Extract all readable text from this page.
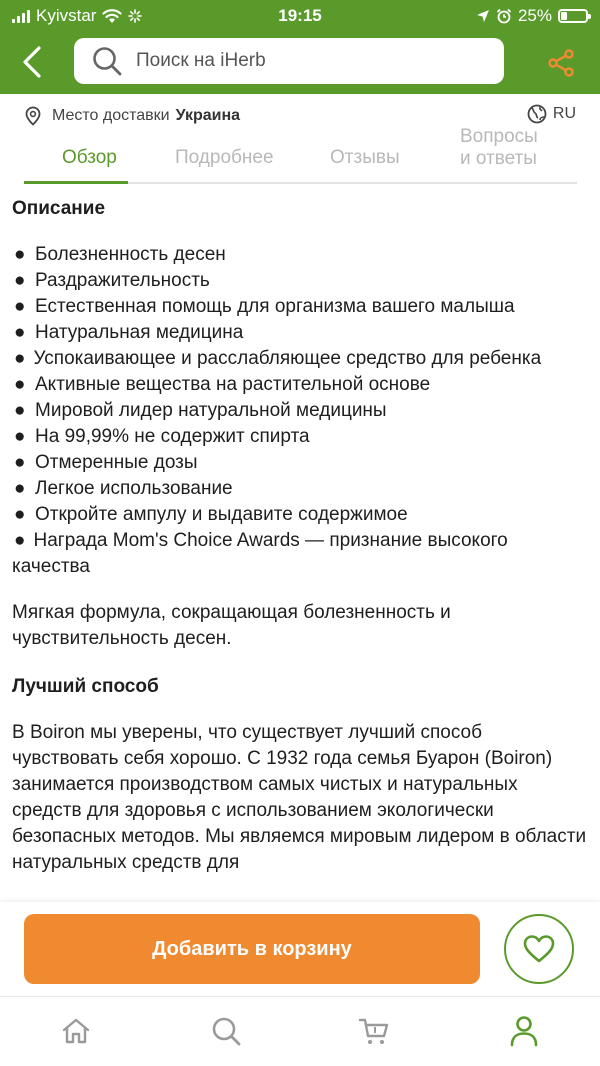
Kyivstar	19:15	25%
Поиск на iHerb
Место доставки Украина	RU
Обзор	Подробнее	Отзывы
Вопросы
и ответы
Описание
● Болезненность десен
● Раздражительность
● Естественная помощь для организма вашего малыша
● Натуральная медицина
● Успокаивающее и расслабляющее средство для ребенка
● Активные вещества на растительной основе
● Мировой лидер натуральной медицины
● На 99,99% не содержит спирта
● Отмеренные дозы
● Легкое использование
● Откройте ампулу и выдавите содержимое
● Награда Mom's Choice Awards — признание высокого качества

Мягкая формула, сокращающая болезненность и чувствительность десен.

Лучший способ

В Boiron мы уверены, что существует лучший способ чувствовать себя хорошо. С 1932 года семья Буарон (Boiron) занимается производством самых чистых и натуральных средств для здоровья с использованием экологически безопасных методов. Мы являемся мировым лидером в области натуральных средств для

Добавить в корзину
